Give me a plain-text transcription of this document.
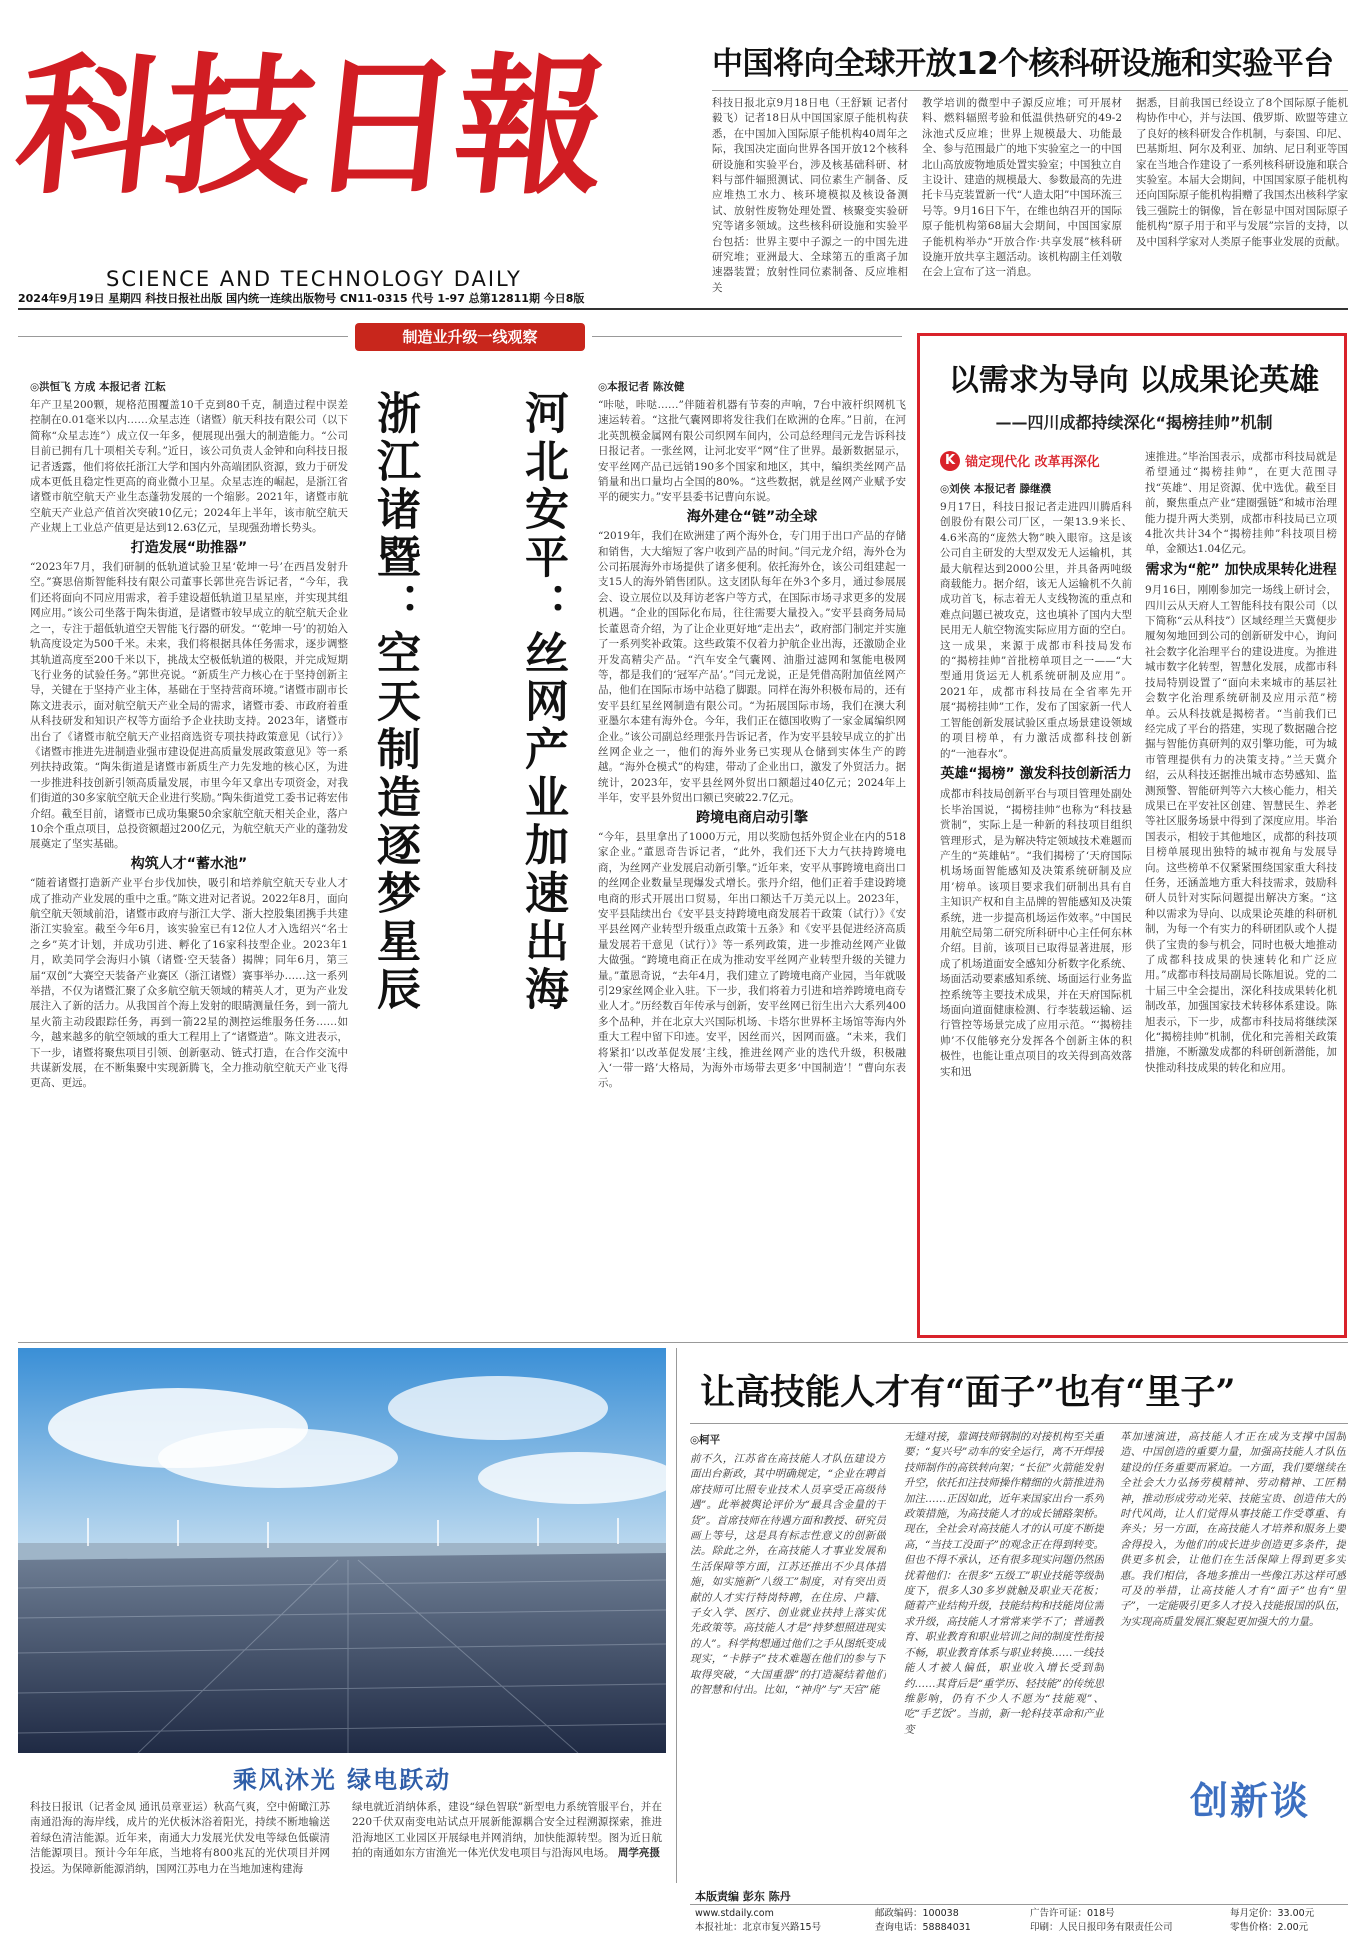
科技日報
SCIENCE AND TECHNOLOGY DAILY
2024年9月19日 星期四 科技日报社出版 国内统一连续出版物号 CN11-0315 代号 1-97 总第12811期 今日8版
中国将向全球开放12个核科研设施和实验平台
科技日报北京9月18日电（王舒颖 记者付毅飞）记者18日从中国国家原子能机构获悉，在中国加入国际原子能机构40周年之际，我国决定面向世界各国开放12个核科研设施和实验平台，涉及核基础科研、材料与部件辐照测试、同位素生产制备、反应堆热工水力、核环境模拟及核设备测试、放射性废物处理处置、核聚变实验研究等诸多领域。这些核科研设施和实验平台包括：世界主要中子源之一的中国先进研究堆；亚洲最大、全球第五的重离子加速器装置；放射性同位素制备、反应堆相关
教学培训的微型中子源反应堆；可开展材料、燃料辐照考验和低温供热研究的49-2泳池式反应堆；世界上规模最大、功能最全、参与范围最广的地下实验室之一的中国北山高放废物地质处置实验室；中国独立自主设计、建造的规模最大、参数最高的先进托卡马克装置新一代“人造太阳”中国环流三号等。9月16日下午，在维也纳召开的国际原子能机构第68届大会期间，中国国家原子能机构举办“开放合作·共享发展”核科研设施开放共享主题活动。该机构副主任刘敬在会上宣布了这一消息。
据悉，目前我国已经设立了8个国际原子能机构协作中心，并与法国、俄罗斯、欧盟等建立了良好的核科研发合作机制，与泰国、印尼、巴基斯坦、阿尔及利亚、加纳、尼日利亚等国家在当地合作建设了一系列核科研设施和联合实验室。本届大会期间，中国国家原子能机构还向国际原子能机构捐赠了我国杰出核科学家钱三强院士的铜像，旨在彰显中国对国际原子能机构“原子用于和平与发展”宗旨的支持，以及中国科学家对人类原子能事业发展的贡献。
制造业升级一线观察
◎洪恒飞 方成 本报记者 江耘
年产卫星200颗，规格范围覆盖10千克到80千克，制造过程中误差控制在0.01毫米以内……众星志连（诸暨）航天科技有限公司（以下简称“众星志连”）成立仅一年多，便展现出强大的制造能力。“公司目前已拥有几十项相关专利。”近日，该公司负责人金钟和向科技日报记者透露，他们将依托浙江大学和国内外高端团队资源，致力于研发成本更低且稳定性更高的商业微小卫星。众星志连的崛起，是浙江省诸暨市航空航天产业生态蓬勃发展的一个缩影。2021年，诸暨市航空航天产业总产值首次突破10亿元；2024年上半年，该市航空航天产业规上工业总产值更是达到12.63亿元，呈现强劲增长势头。
打造发展“助推器”
“2023年7月，我们研制的低轨道试验卫星‘乾坤一号’在西昌发射升空。”赛思倍斯智能科技有限公司董事长郭世亮告诉记者，“今年，我们还将面向不同应用需求，着手建设超低轨道卫星星座，并实现其组网应用。”该公司坐落于陶朱街道，是诸暨市较早成立的航空航天企业之一，专注于超低轨道空天智能飞行器的研发。“‘乾坤一号’的初始入轨高度设定为500千米。未来，我们将根据具体任务需求，逐步调整其轨道高度至200千米以下，挑战太空极低轨道的极限，并完成短期飞行业务的试验任务。”郭世亮说。“新质生产力核心在于坚持创新主导，关键在于坚持产业主体，基础在于坚持营商环境。”诸暨市副市长陈文进表示，面对航空航天产业全局的需求，诸暨市委、市政府着重从科技研发和知识产权等方面给予企业扶助支持。2023年，诸暨市出台了《诸暨市航空航天产业招商选资专项扶持政策意见（试行）》《诸暨市推进先进制造业强市建设促进高质量发展政策意见》等一系列扶持政策。“陶朱街道是诸暨市新质生产力先发地的核心区，为进一步推进科技创新引领高质量发展，市里今年又拿出专项资金，对我们街道的30多家航空航天企业进行奖励。”陶朱街道党工委书记蒋宏伟介绍。截至目前，诸暨市已成功集聚50余家航空航天相关企业，落户10余个重点项目，总投资额超过200亿元，为航空航天产业的蓬勃发展奠定了坚实基础。
构筑人才“蓄水池”
“随着诸暨打造新产业平台步伐加快，吸引和培养航空航天专业人才成了推动产业发展的重中之重。”陈文进对记者说。2022年8月，面向航空航天领域前沿，诸暨市政府与浙江大学、浙大控股集团携手共建浙江实验室。截至今年6月，该实验室已有12位人才入选绍兴“名士之乡”英才计划，并成功引进、孵化了16家科技型企业。2023年1月，欧美同学会海归小镇（诸暨·空天装备）揭牌；同年6月，第三届“双创”大赛空天装备产业赛区（浙江诸暨）赛事举办……这一系列举措，不仅为诸暨汇聚了众多航空航天领域的精英人才，更为产业发展注入了新的活力。从我国首个海上发射的眼睛测量任务，到一箭九星火箭主动段跟踪任务，再到一箭22星的测控运维服务任务……如今，越来越多的航空领域的重大工程用上了“诸暨造”。陈文进表示，下一步，诸暨将聚焦项目引领、创新驱动、链式打造，在合作交流中共谋新发展，在不断集聚中实现新腾飞，全力推动航空航天产业飞得更高、更远。
浙江诸暨：空天制造逐梦星辰 河北安平：丝网产业加速出海
◎本报记者 陈汝健
“咔哒，咔哒……”伴随着机器有节奏的声响，7台中液杆织网机飞速运转着。“这批气囊网即将发往我们在欧洲的仓库。”日前，在河北英凯模金属网有限公司织网车间内，公司总经理闫元龙告诉科技日报记者。一张丝网，让河北安平“网”住了世界。最新数据显示，安平丝网产品已远销190多个国家和地区，其中，编织类丝网产品销量和出口量均占全国的80%。“这些数据，就是丝网产业赋予安平的硬实力。”安平县委书记曹向东说。
海外建仓“链”动全球
“2019年，我们在欧洲建了两个海外仓，专门用于出口产品的存储和销售，大大缩短了客户收到产品的时间。”闫元龙介绍，海外仓为公司拓展海外市场提供了诸多便利。依托海外仓，该公司组建起一支15人的海外销售团队。这支团队每年在外3个多月，通过参展展会、设立展位以及拜访老客户等方式，在国际市场寻求更多的发展机遇。“企业的国际化布局，往往需要大量投入。”安平县商务局局长董恩奇介绍，为了让企业更好地“走出去”，政府部门制定并实施了一系列奖补政策。这些政策不仅着力护航企业出海，还激励企业开发高精尖产品。“汽车安全气囊网、油脂过滤网和氢能电极网等，都是我们的‘冠军产品’。”闫元龙说，正是凭借高附加值丝网产品，他们在国际市场中站稳了脚跟。同样在海外积极布局的，还有安平县红星丝网制造有限公司。“为拓展国际市场，我们在澳大利亚墨尔本建有海外仓。今年，我们正在德国收购了一家金属编织网企业。”该公司副总经理张丹告诉记者，作为安平县较早成立的扩出丝网企业之一，他们的海外业务已实现从仓储到实体生产的跨越。“海外仓模式”的构建，带动了企业出口，激发了外贸活力。据统计，2023年，安平县丝网外贸出口额超过40亿元；2024年上半年，安平县外贸出口额已突破22.7亿元。
跨境电商启动引擎
“今年，县里拿出了1000万元，用以奖励包括外贸企业在内的518家企业。”董恩奇告诉记者，“此外，我们还下大力气扶持跨境电商，为丝网产业发展启动新引擎。”近年来，安平从事跨境电商出口的丝网企业数量呈现爆发式增长。张丹介绍，他们正着手建设跨境电商的形式开展出口贸易，年出口额达千万美元以上。2023年，安平县陆续出台《安平县支持跨境电商发展若干政策（试行）》《安平县丝网产业转型升级重点政策十五条》和《安平县促进经济高质量发展若干意见（试行）》等一系列政策，进一步推动丝网产业做大做强。“跨境电商正在成为推动安平丝网产业转型升级的关键力量。”董恩奇说，“去年4月，我们建立了跨境电商产业园，当年就吸引29家丝网企业入驻。下一步，我们将着力引进和培养跨境电商专业人才。”历经数百年传承与创新，安平丝网已衍生出六大系列400多个品种，并在北京大兴国际机场、卡塔尔世界杯主场馆等海内外重大工程中留下印迹。安平，因丝而兴，因网而盛。“未来，我们将紧扣‘以改革促发展’主线，推进丝网产业的迭代升级，积极融入‘一带一路’大格局，为海外市场带去更多‘中国制造’！”曹向东表示。
以需求为导向 以成果论英雄
——四川成都持续深化“揭榜挂帅”机制
K 锚定现代化 改革再深化
◎刘侠 本报记者 滕继濮
9月17日，科技日报记者走进四川腾盾科创股份有限公司厂区，一架13.9米长、4.6米高的“庞然大物”映入眼帘。这是该公司自主研发的大型双发无人运输机，其最大航程达到2000公里，并具备两吨级商载能力。据介绍，该无人运输机不久前成功首飞，标志着无人支线物流的重点和难点问题已被攻克，这也填补了国内大型民用无人航空物流实际应用方面的空白。这一成果，来源于成都市科技局发布的“揭榜挂帅”首批榜单项目之一——“大型通用货运无人机系统研制及应用”。2021年，成都市科技局在全省率先开展“揭榜挂帅”工作，发布了国家新一代人工智能创新发展试验区重点场景建设领域的项目榜单，有力激活成都科技创新的“一池春水”。
英雄“揭榜” 激发科技创新活力
成都市科技局创新平台与项目管理处副处长毕治国说，“揭榜挂帅”也称为“科技悬赏制”，实际上是一种新的科技项目组织管理形式，是为解决特定领域技术难题而产生的“英雄帖”。“我们揭榜了‘天府国际机场场面智能感知及决策系统研制及应用’榜单。该项目要求我们研制出具有自主知识产权和自主品牌的智能感知及决策系统，进一步提高机场运作效率。”中国民用航空局第二研究所科研中心主任何东林介绍。目前，该项目已取得显著进展，形成了机场道面安全感知分析数字化系统、场面活动要素感知系统、场面运行业务监控系统等主要技术成果，并在天府国际机场面向道面健康检测、行李装载运输、运行管控等场景完成了应用示范。“‘揭榜挂帅’不仅能够充分发挥各个创新主体的积极性，也能让重点项目的攻关得到高效落实和迅
速推进。”毕治国表示，成都市科技局就是希望通过“揭榜挂帅”，在更大范围寻找“英雄”、用足资源、优中选优。截至目前，聚焦重点产业“建圈强链”和城市治理能力提升两大类别，成都市科技局已立项4批次共计34个“揭榜挂帅”科技项目榜单，金额达1.04亿元。
需求为“舵” 加快成果转化进程
9月16日，刚刚参加完一场线上研讨会，四川云从天府人工智能科技有限公司（以下简称“云从科技”）区域经理兰天冀便步履匆匆地回到公司的创新研发中心，询问社会数字化治理平台的建设进度。为推进城市数字化转型，智慧化发展，成都市科技局特别设置了“面向未来城市的基层社会数字化治理系统研制及应用示范”榜单。云从科技就是揭榜者。“当前我们已经完成了平台的搭建，实现了数据融合挖掘与智能仿真研判的双引擎功能，可为城市管理提供有力的决策支持。”兰天冀介绍，云从科技还据推出城市态势感知、监测预警、智能研判等六大核心能力，相关成果已在平安社区创建、智慧民生、养老等社区服务场景中得到了深度应用。毕治国表示，相较于其他地区，成都的科技项目榜单展现出独特的城市视角与发展导向。这些榜单不仅紧紧围绕国家重大科技任务，还涵盖地方重大科技需求，鼓励科研人员针对实际问题提出解决方案。“这种以需求为导向、以成果论英雄的科研机制，为每一个有实力的科研团队或个人提供了宝贵的参与机会，同时也极大地推动了成都科技成果的快速转化和广泛应用。”成都市科技局副局长陈旭说。党的二十届三中全会提出，深化科技成果转化机制改革，加强国家技术转移体系建设。陈旭表示，下一步，成都市科技局将继续深化“揭榜挂帅”机制，优化和完善相关政策措施，不断激发成都的科研创新潜能，加快推动科技成果的转化和应用。
乘风沐光 绿电跃动
科技日报讯（记者金凤 通讯员章亚运）秋高气爽，空中俯瞰江苏南通沿海的海岸线，成片的光伏板沐浴着阳光，持续不断地输送着绿色清洁能源。近年来，南通大力发展光伏发电等绿色低碳清洁能源项目。预计今年年底，当地将有800兆瓦的光伏项目并网投运。为保障新能源消纳，国网江苏电力在当地加速构建海
绿电就近消纳体系，建设“绿色智联”新型电力系统管服平台，并在220千伏双南变电站试点开展新能源耦合安全过程溯源探索，推进沿海地区工业园区开展绿电并网消纳，加快能源转型。图为近日航拍的南通如东方宙渔光一体光伏发电项目与沿海风电场。 周学亮摄
让高技能人才有“面子”也有“里子”
◎柯平
前不久，江苏省在高技能人才队伍建设方面出台新政，其中明确规定，“企业在聘首席技师可比照专业技术人员享受正高级待遇”。此举被舆论评价为“最具含金量的干货”。首席技师在待遇方面和教授、研究员画上等号，这是具有标志性意义的创新做法。除此之外，在高技能人才事业发展和生活保障等方面，江苏还推出不少具体措施，如实施新“八级工”制度，对有突出贡献的人才实行特岗特聘，在住房、户籍、子女入学、医疗、创业就业扶持上落实优先政策等。高技能人才是“持梦想照进现实的人”。科学构想通过他们之手从图纸变成现实，“卡脖子”技术难题在他们的参与下取得突破，“大国重器”的打造凝结着他们的智慧和付出。比如，“神舟”与“天宫”能
无缝对接，靠调技师钢制的对接机构至关重要；“复兴号”动车的安全运行，离不开焊接技师制作的高铁转向架；“长征”火箭能发射升空，依托扣注技师操作精细的火箭推进剂加注……正因如此，近年来国家出台一系列政策措施，为高技能人才的成长铺路架桥。现在，全社会对高技能人才的认可度不断提高，“当技工没面子”的观念正在得到转变。但也不得不承认，还有很多现实问题仍然困扰着他们：在很多“五级工”职业技能等级制度下，很多人30多岁就触及职业天花板；随着产业结构升级，技能结构和技能岗位需求升级，高技能人才常常来学不了；普通教育、职业教育和职业培训之间的制度性衔接不畅，职业教育体系与职业转换……一线技能人才被人偏低，职业收入增长受到制约……其背后是“重学历、轻技能”的传统思维影响，仍有不少人不愿为“技能观”、吃“手艺饭”。当前，新一轮科技革命和产业变
革加速演进，高技能人才正在成为支撑中国制造、中国创造的重要力量，加强高技能人才队伍建设的任务重要而紧迫。一方面，我们要继续在全社会大力弘扬劳模精神、劳动精神、工匠精神，推动形成劳动光荣、技能宝贵、创造伟大的时代风尚，让人们觉得从事技能工作受尊重、有奔头；另一方面，在高技能人才培养和服务上要舍得投入，为他们的成长进步创造更多条件，提供更多机会，让他们在生活保障上得到更多实惠。我们相信，各地多推出一些像江苏这样可感可及的举措，让高技能人才有“面子”也有“里子”，一定能吸引更多人才投入技能报国的队伍，为实现高质量发展汇聚起更加强大的力量。
创新谈
本版责编 彭东 陈丹
www.stdaily.com
本报社址：北京市复兴路15号
邮政编码：100038
查询电话：58884031
广告许可证：018号
印刷：人民日报印务有限责任公司
每月定价：33.00元
零售价格：2.00元
